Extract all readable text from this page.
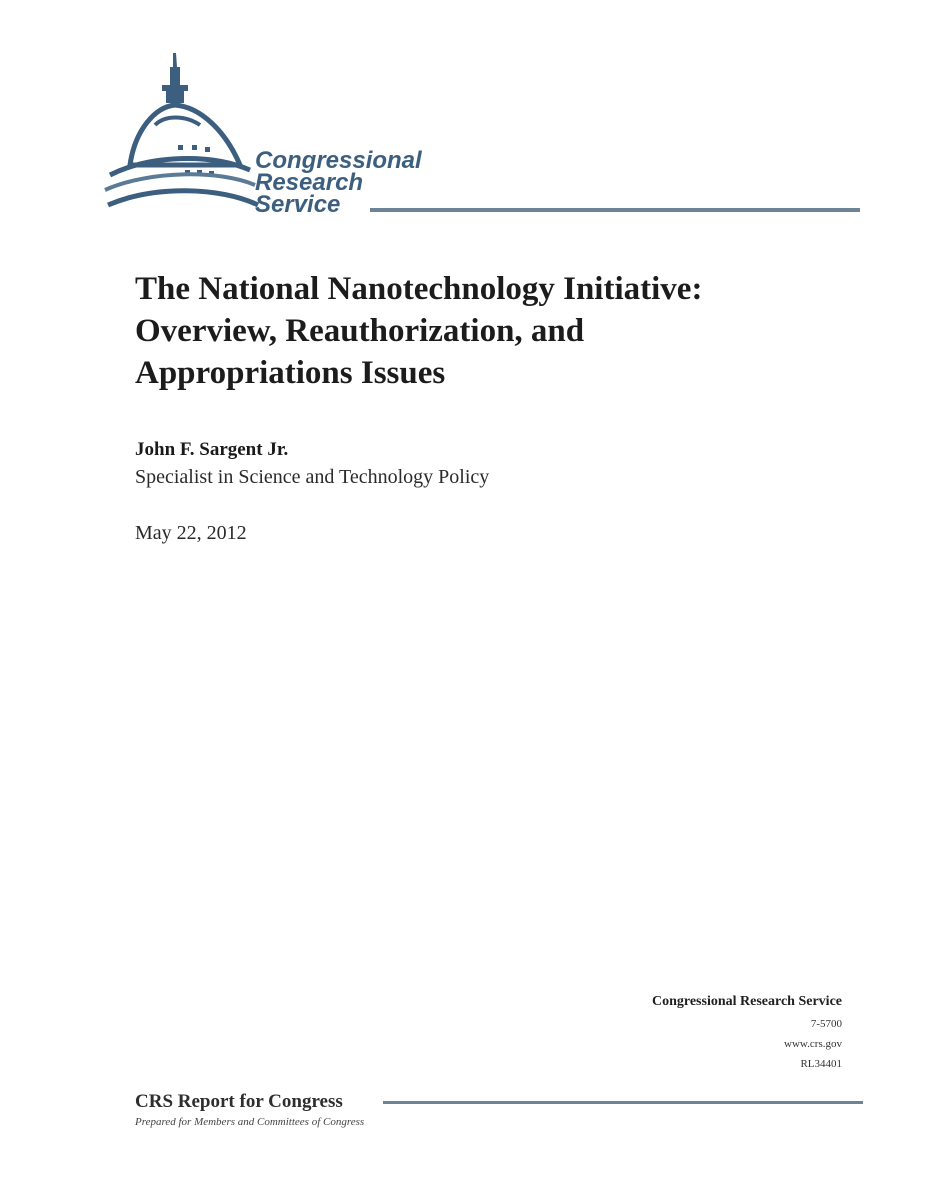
Congressional
Research
Service
The National Nanotechnology Initiative:
Overview, Reauthorization, and
Appropriations Issues
John F. Sargent Jr.
Specialist in Science and Technology Policy
May 22, 2012
Congressional Research Service
7-5700
www.crs.gov
RL34401
CRS Report for Congress
Prepared for Members and Committees of Congress
